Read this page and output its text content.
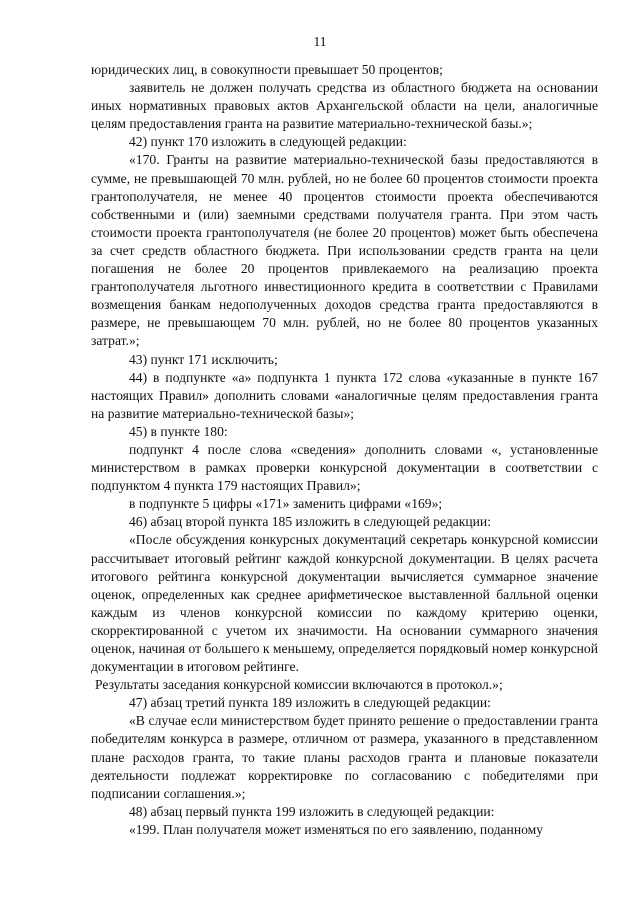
11

юридических лиц, в совокупности превышает 50 процентов;

заявитель не должен получать средства из областного бюджета на основании иных нормативных правовых актов Архангельской области на цели, аналогичные целям предоставления гранта на развитие материально-технической базы.»;

42) пункт 170 изложить в следующей редакции:

«170. Гранты на развитие материально-технической базы предоставляются в сумме, не превышающей 70 млн. рублей, но не более 60 процентов стоимости проекта грантополучателя, не менее 40 процентов стоимости проекта обеспечиваются собственными и (или) заемными средствами получателя гранта. При этом часть стоимости проекта грантополучателя (не более 20 процентов) может быть обеспечена за счет средств областного бюджета. При использовании средств гранта на цели погашения не более 20 процентов привлекаемого на реализацию проекта грантополучателя льготного инвестиционного кредита в соответствии с Правилами возмещения банкам недополученных доходов средства гранта предоставляются в размере, не превышающем 70 млн. рублей, но не более 80 процентов указанных затрат.»;

43) пункт 171 исключить;

44) в подпункте «а» подпункта 1 пункта 172 слова «указанные в пункте 167 настоящих Правил» дополнить словами «аналогичные целям предоставления гранта на развитие материально-технической базы»;

45) в пункте 180:

подпункт 4 после слова «сведения» дополнить словами «, установленные министерством в рамках проверки конкурсной документации в соответствии с подпунктом 4 пункта 179 настоящих Правил»;

в подпункте 5 цифры «171» заменить цифрами «169»;

46) абзац второй пункта 185 изложить в следующей редакции:

«После обсуждения конкурсных документаций секретарь конкурсной комиссии рассчитывает итоговый рейтинг каждой конкурсной документации. В целях расчета итогового рейтинга конкурсной документации вычисляется суммарное значение оценок, определенных как среднее арифметическое выставленной балльной оценки каждым из членов конкурсной комиссии по каждому критерию оценки, скорректированной с учетом их значимости. На основании суммарного значения оценок, начиная от большего к меньшему, определяется порядковый номер конкурсной документации в итоговом рейтинге.

Результаты заседания конкурсной комиссии включаются в протокол.»;

47) абзац третий пункта 189 изложить в следующей редакции:

«В случае если министерством будет принято решение о предоставлении гранта победителям конкурса в размере, отличном от размера, указанного в представленном плане расходов гранта, то такие планы расходов гранта и плановые показатели деятельности подлежат корректировке по согласованию с победителями при подписании соглашения.»;

48) абзац первый пункта 199 изложить в следующей редакции:

«199. План получателя может изменяться по его заявлению, поданному
